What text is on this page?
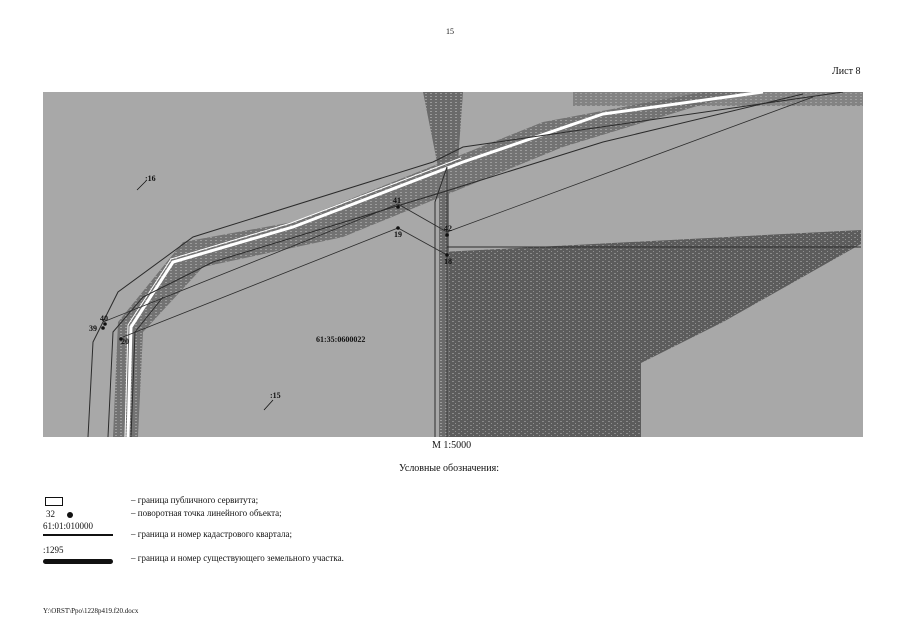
15
Лист 8
:16
:15
61:35:0600022
41
19
42
18
40
39
20
М 1:5000
Условные обозначения:
– граница публичного сервитута;
32	– поворотная точка линейного объекта;
61:01:010000
– граница и номер кадастрового квартала;
:1295
– граница и номер существующего земельного участка.
Y:\ORST\Ppo\1228p419.f20.docx
